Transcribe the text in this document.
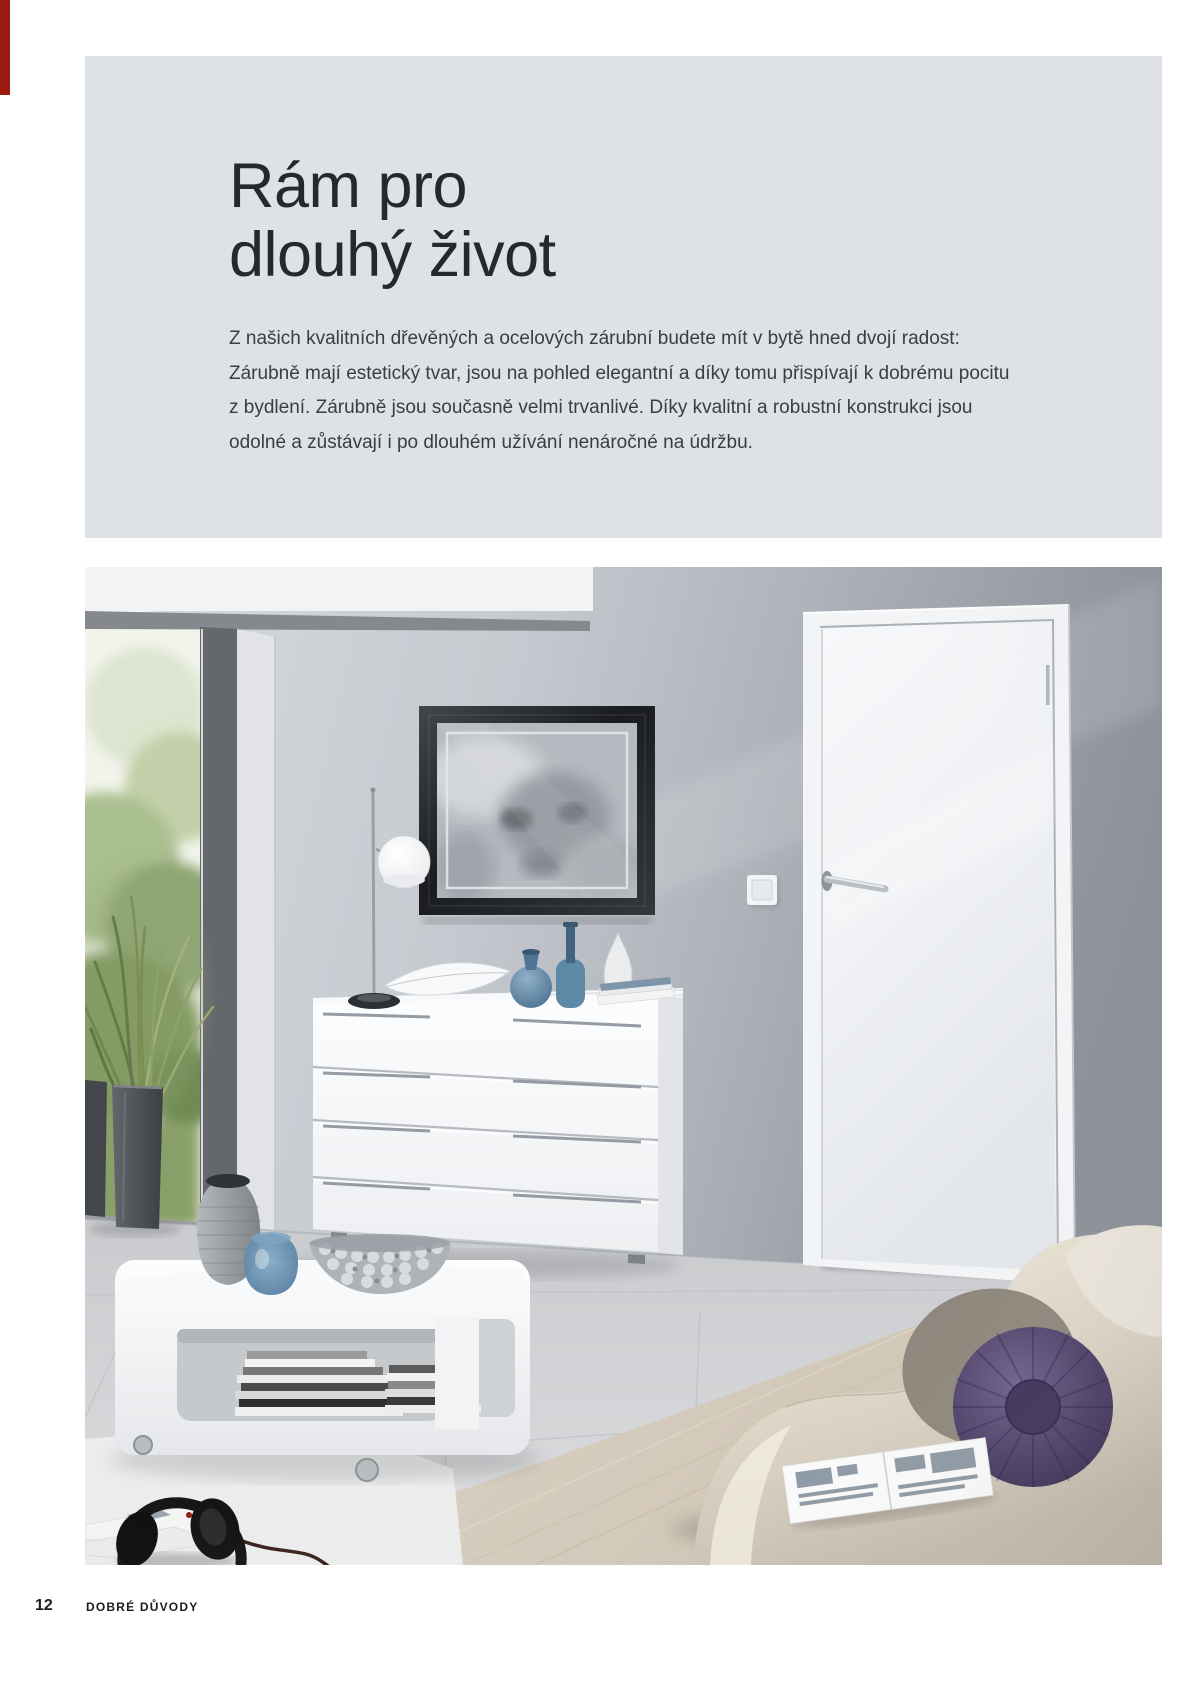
Rám pro
dlouhý život
Z našich kvalitních dřevěných a ocelových zárubní budete mít v bytě hned dvojí radost:
Zárubně mají estetický tvar, jsou na pohled elegantní a díky tomu přispívají k dobrému pocitu
z bydlení. Zárubně jsou současně velmi trvanlivé. Díky kvalitní a robustní konstrukci jsou
odolné a zůstávají i po dlouhém užívání nenáročné na údržbu.
12	DOBRÉ DŮVODY
